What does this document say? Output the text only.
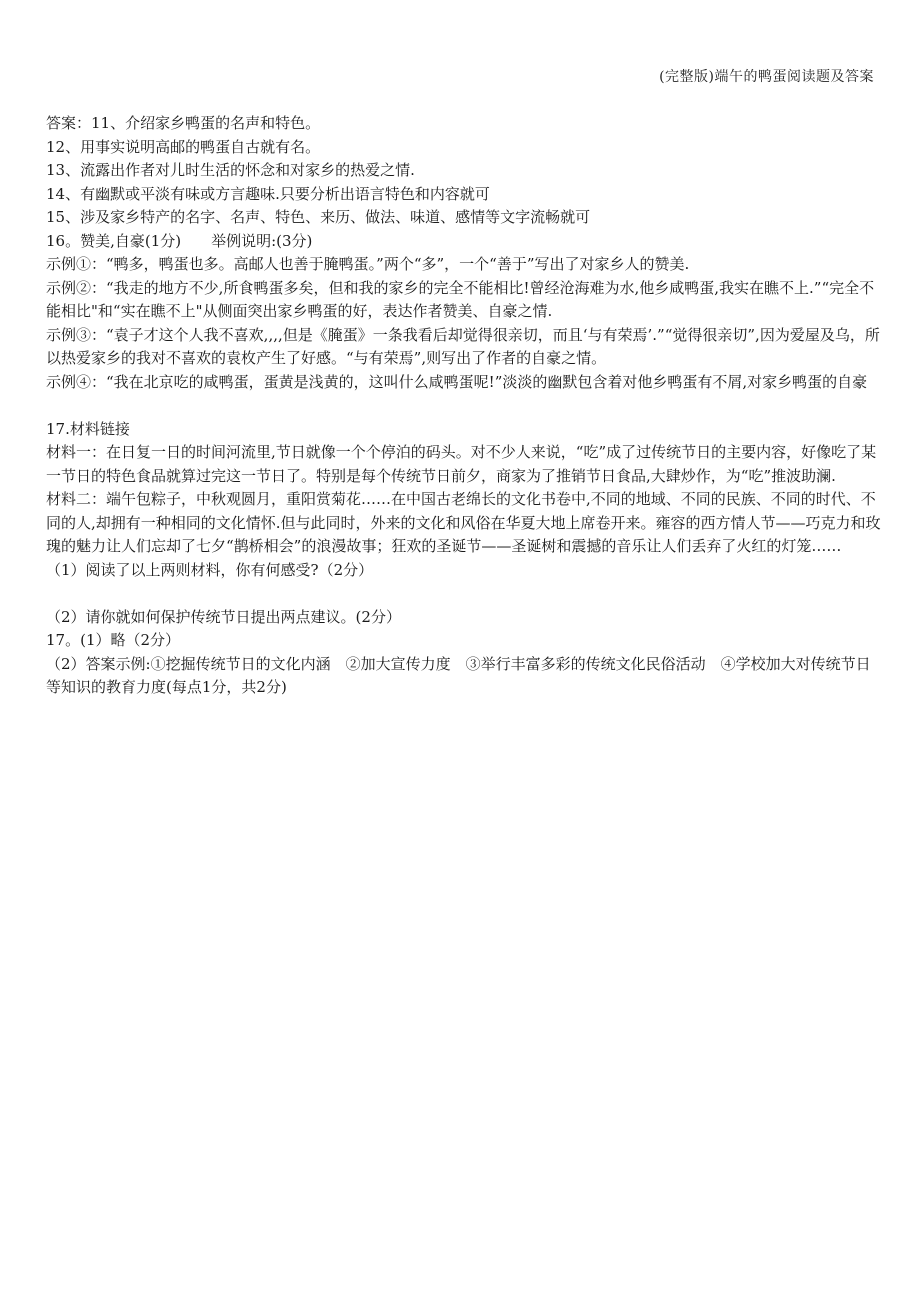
(完整版)端午的鸭蛋阅读题及答案

答案：11、介绍家乡鸭蛋的名声和特色。

12、用事实说明高邮的鸭蛋自古就有名。

13、流露出作者对儿时生活的怀念和对家乡的热爱之情.

14、有幽默或平淡有味或方言趣味.只要分析出语言特色和内容就可

15、涉及家乡特产的名字、名声、特色、来历、做法、味道、感情等文字流畅就可

16。赞美,自豪(1分)　　举例说明:(3分)

示例①：“鸭多，鸭蛋也多。高邮人也善于腌鸭蛋。”两个“多”，一个“善于”写出了对家乡人的赞美.

示例②：“我走的地方不少,所食鸭蛋多矣，但和我的家乡的完全不能相比!曾经沧海难为水,他乡咸鸭蛋,我实在瞧不上.”“完全不能相比"和“实在瞧不上"从侧面突出家乡鸭蛋的好，表达作者赞美、自豪之情.

示例③：“袁子才这个人我不喜欢,,,,但是《腌蛋》一条我看后却觉得很亲切，而且‘与有荣焉’.”“觉得很亲切”,因为爱屋及乌，所以热爱家乡的我对不喜欢的袁枚产生了好感。“与有荣焉”,则写出了作者的自豪之情。

示例④：“我在北京吃的咸鸭蛋，蛋黄是浅黄的，这叫什么咸鸭蛋呢!”淡淡的幽默包含着对他乡鸭蛋有不屑,对家乡鸭蛋的自豪

17.材料链接

材料一：在日复一日的时间河流里,节日就像一个个停泊的码头。对不少人来说，“吃”成了过传统节日的主要内容，好像吃了某一节日的特色食品就算过完这一节日了。特别是每个传统节日前夕，商家为了推销节日食品,大肆炒作，为“吃”推波助澜.

材料二：端午包粽子，中秋观圆月，重阳赏菊花……在中国古老绵长的文化书卷中,不同的地域、不同的民族、不同的时代、不同的人,却拥有一种相同的文化情怀.但与此同时，外来的文化和风俗在华夏大地上席卷开来。雍容的西方情人节——巧克力和玫瑰的魅力让人们忘却了七夕“鹊桥相会”的浪漫故事；狂欢的圣诞节——圣诞树和震撼的音乐让人们丢弃了火红的灯笼……

（1）阅读了以上两则材料，你有何感受?（2分）

（2）请你就如何保护传统节日提出两点建议。(2分）

17。(1）略（2分）

（2）答案示例:①挖掘传统节日的文化内涵　②加大宣传力度　③举行丰富多彩的传统文化民俗活动　④学校加大对传统节日等知识的教育力度(每点1分，共2分)
